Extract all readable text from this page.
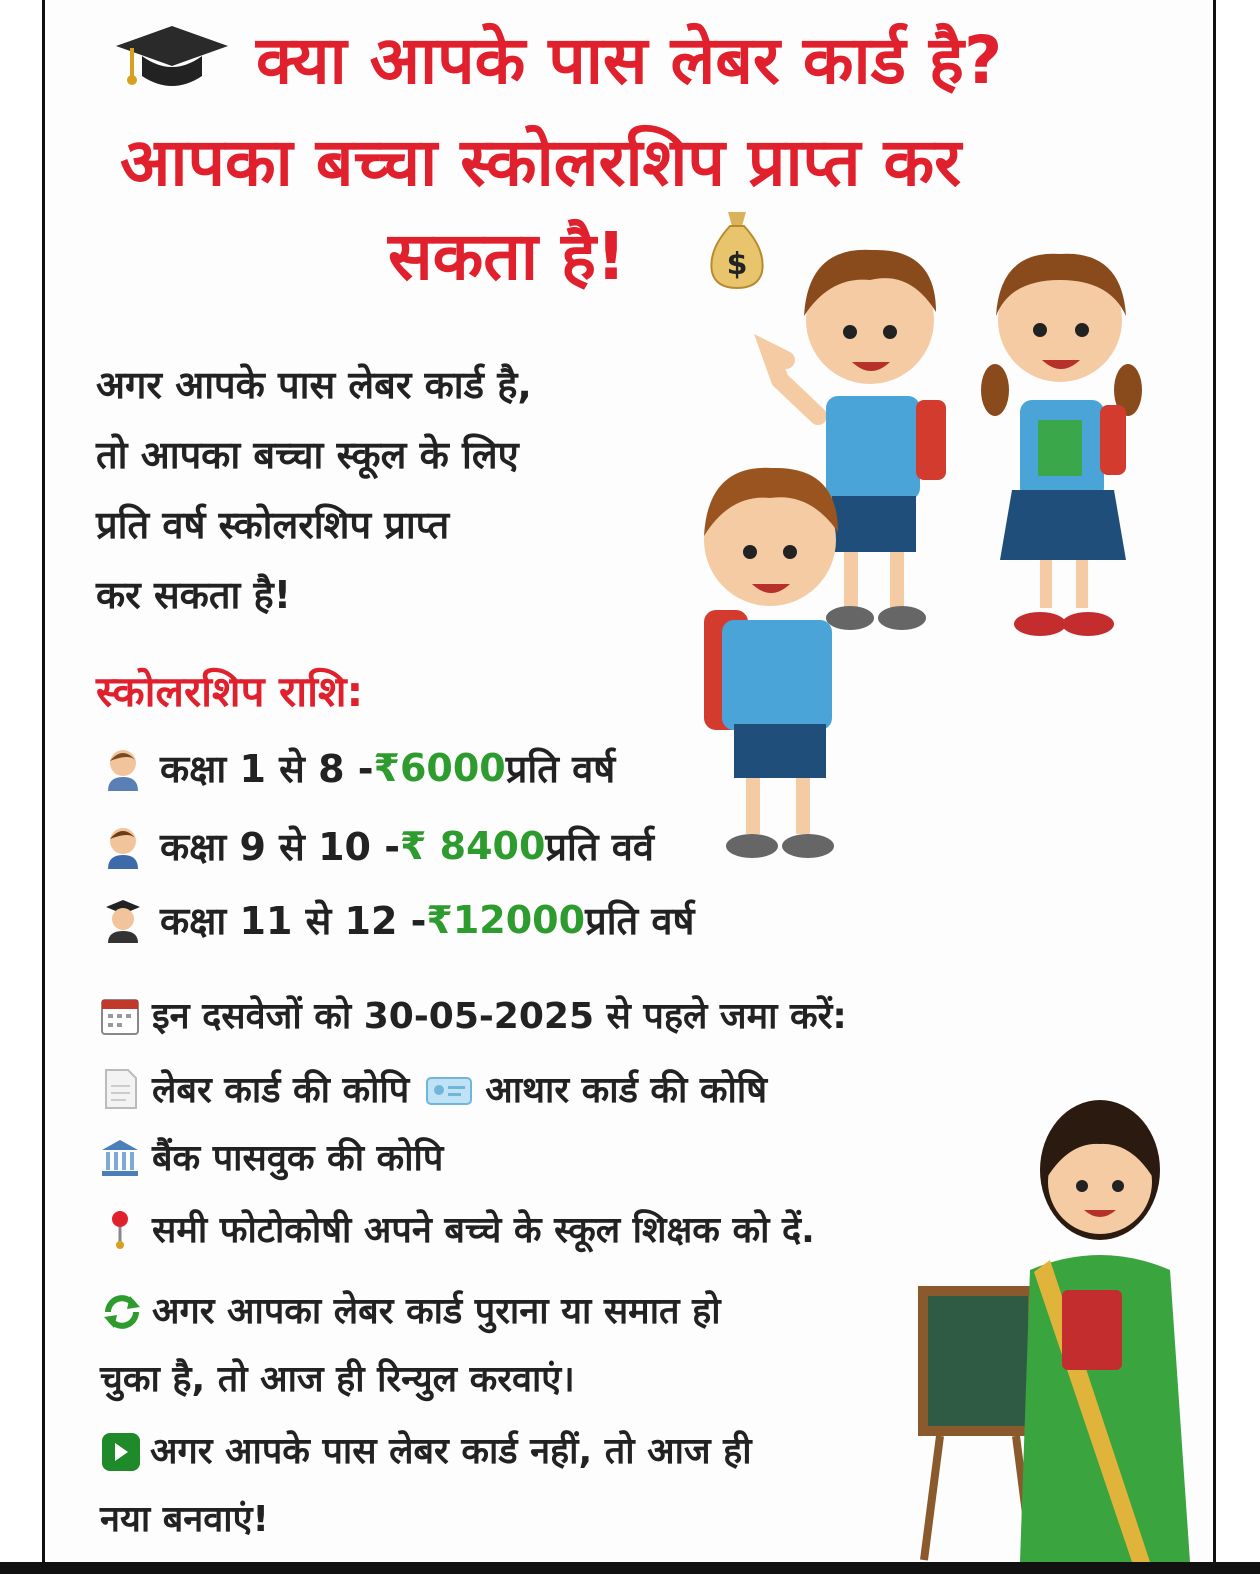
क्या आपके पास लेबर कार्ड है?
आपका बच्चा स्कोलरशिप प्राप्त कर
सकता है!	$
अगर आपके पास लेबर कार्ड है,
तो आपका बच्चा स्कूल के लिए
प्रति वर्ष स्कोलरशिप प्राप्त
कर सकता है!
स्कोलरशिप राशि:
कक्षा 1 से 8 - ₹6000 प्रति वर्ष
कक्षा 9 से 10 - ₹ 8400 प्रति वर्व
कक्षा 11 से 12 - ₹12000 प्रति वर्ष
इन दसवेजों को 30-05-2025 से पहले जमा करें:
लेबर कार्ड की कोपि आथार कार्ड की कोषि
बैंक पासवुक की कोपि
समी फोटोकोषी अपने बच्चे के स्कूल शिक्षक को दें.
अगर आपका लेबर कार्ड पुराना या समात हो
चुका है, तो आज ही रिन्युल करवाएं।
अगर आपके पास लेबर कार्ड नहीं, तो आज ही
नया बनवाएं!
